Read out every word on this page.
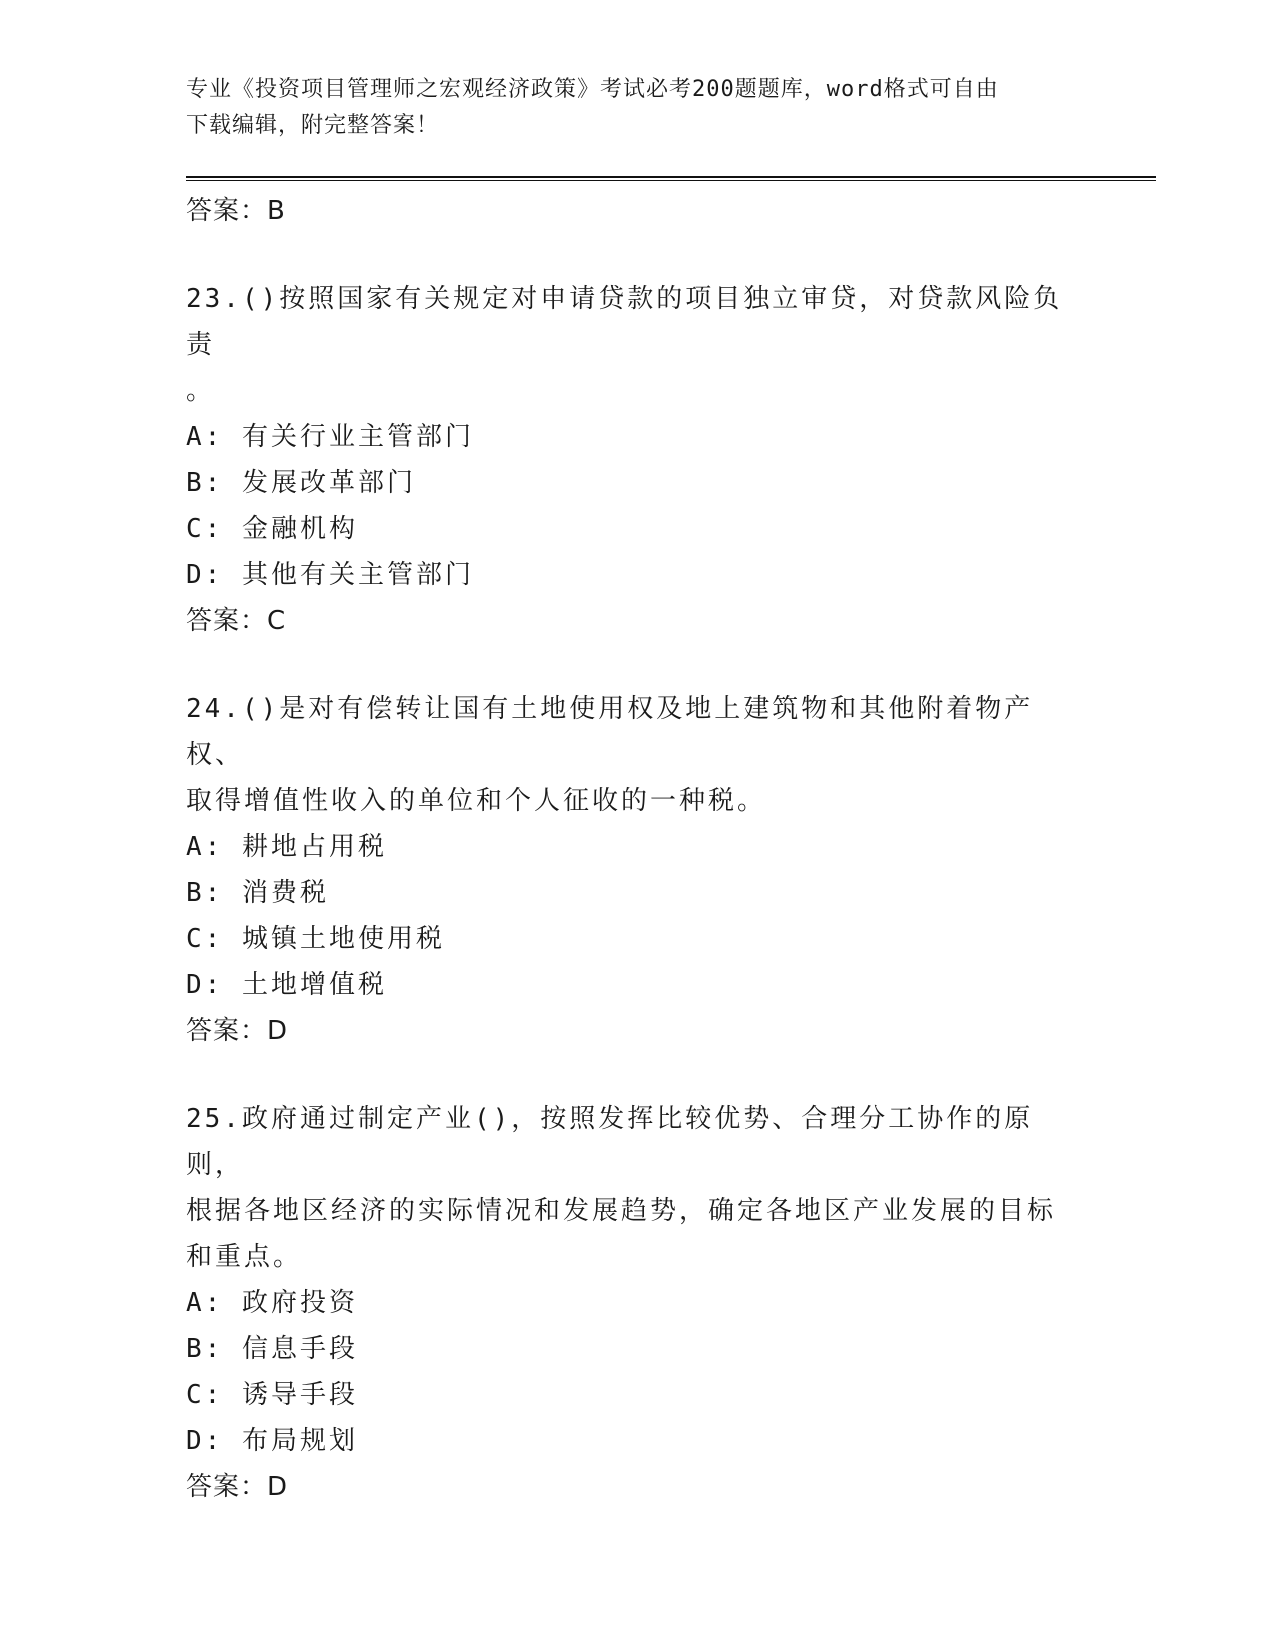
专业《投资项目管理师之宏观经济政策》考试必考200题题库，word格式可自由
下载编辑，附完整答案！
答案：B
23.()按照国家有关规定对申请贷款的项目独立审贷，对贷款风险负责
。
A: 有关行业主管部门
B: 发展改革部门
C: 金融机构
D: 其他有关主管部门
答案：C
24.()是对有偿转让国有土地使用权及地上建筑物和其他附着物产权、
取得增值性收入的单位和个人征收的一种税。
A: 耕地占用税
B: 消费税
C: 城镇土地使用税
D: 土地增值税
答案：D
25.政府通过制定产业()，按照发挥比较优势、合理分工协作的原则，
根据各地区经济的实际情况和发展趋势，确定各地区产业发展的目标
和重点。
A: 政府投资
B: 信息手段
C: 诱导手段
D: 布局规划
答案：D
